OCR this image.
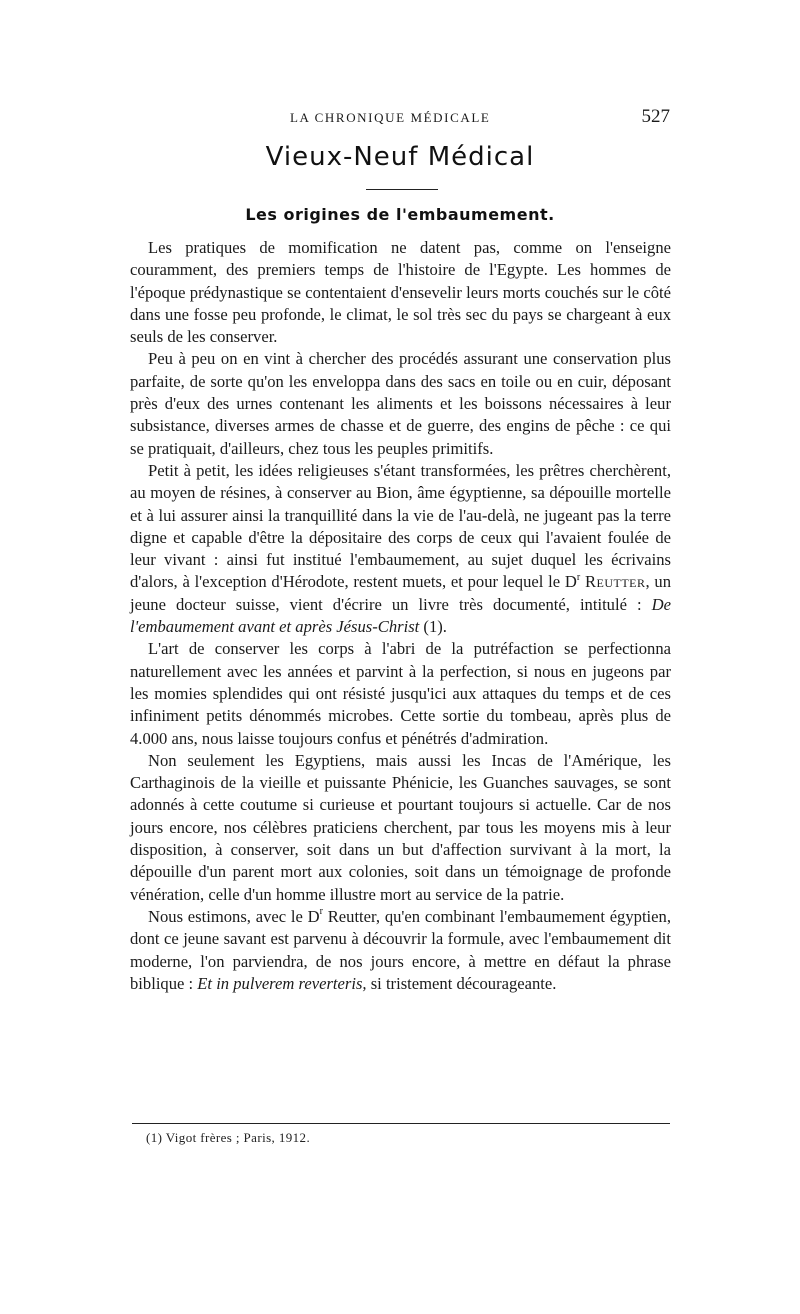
LA CHRONIQUE MÉDICALE	527
Vieux-Neuf Médical
Les origines de l'embaumement.

Les pratiques de momification ne datent pas, comme on l'enseigne couramment, des premiers temps de l'histoire de l'Egypte. Les hommes de l'époque prédynastique se contentaient d'ensevelir leurs morts couchés sur le côté dans une fosse peu profonde, le climat, le sol très sec du pays se chargeant à eux seuls de les conserver.

Peu à peu on en vint à chercher des procédés assurant une conservation plus parfaite, de sorte qu'on les enveloppa dans des sacs en toile ou en cuir, déposant près d'eux des urnes contenant les aliments et les boissons nécessaires à leur subsistance, diverses armes de chasse et de guerre, des engins de pêche : ce qui se pratiquait, d'ailleurs, chez tous les peuples primitifs.

Petit à petit, les idées religieuses s'étant transformées, les prêtres cherchèrent, au moyen de résines, à conserver au Bion, âme égyptienne, sa dépouille mortelle et à lui assurer ainsi la tranquillité dans la vie de l'au-delà, ne jugeant pas la terre digne et capable d'être la dépositaire des corps de ceux qui l'avaient foulée de leur vivant : ainsi fut institué l'embaumement, au sujet duquel les écrivains d'alors, à l'exception d'Hérodote, restent muets, et pour lequel le $D^r$ Reutter, un jeune docteur suisse, vient d'écrire un livre très documenté, intitulé : De l'embaumement avant et après Jésus-Christ (1).

L'art de conserver les corps à l'abri de la putréfaction se perfectionna naturellement avec les années et parvint à la perfection, si nous en jugeons par les momies splendides qui ont résisté jusqu'ici aux attaques du temps et de ces infiniment petits dénommés microbes. Cette sortie du tombeau, après plus de 4.000 ans, nous laisse toujours confus et pénétrés d'admiration.

Non seulement les Egyptiens, mais aussi les Incas de l'Amérique, les Carthaginois de la vieille et puissante Phénicie, les Guanches sauvages, se sont adonnés à cette coutume si curieuse et pourtant toujours si actuelle. Car de nos jours encore, nos célèbres praticiens cherchent, par tous les moyens mis à leur disposition, à conserver, soit dans un but d'affection survivant à la mort, la dépouille d'un parent mort aux colonies, soit dans un témoignage de profonde vénération, celle d'un homme illustre mort au service de la patrie.

Nous estimons, avec le $D^r$ Reutter, qu'en combinant l'embaumement égyptien, dont ce jeune savant est parvenu à découvrir la formule, avec l'embaumement dit moderne, l'on parviendra, de nos jours encore, à mettre en défaut la phrase biblique : Et in pulverem reverteris, si tristement décourageante.

(1) Vigot frères ; Paris, 1912.
